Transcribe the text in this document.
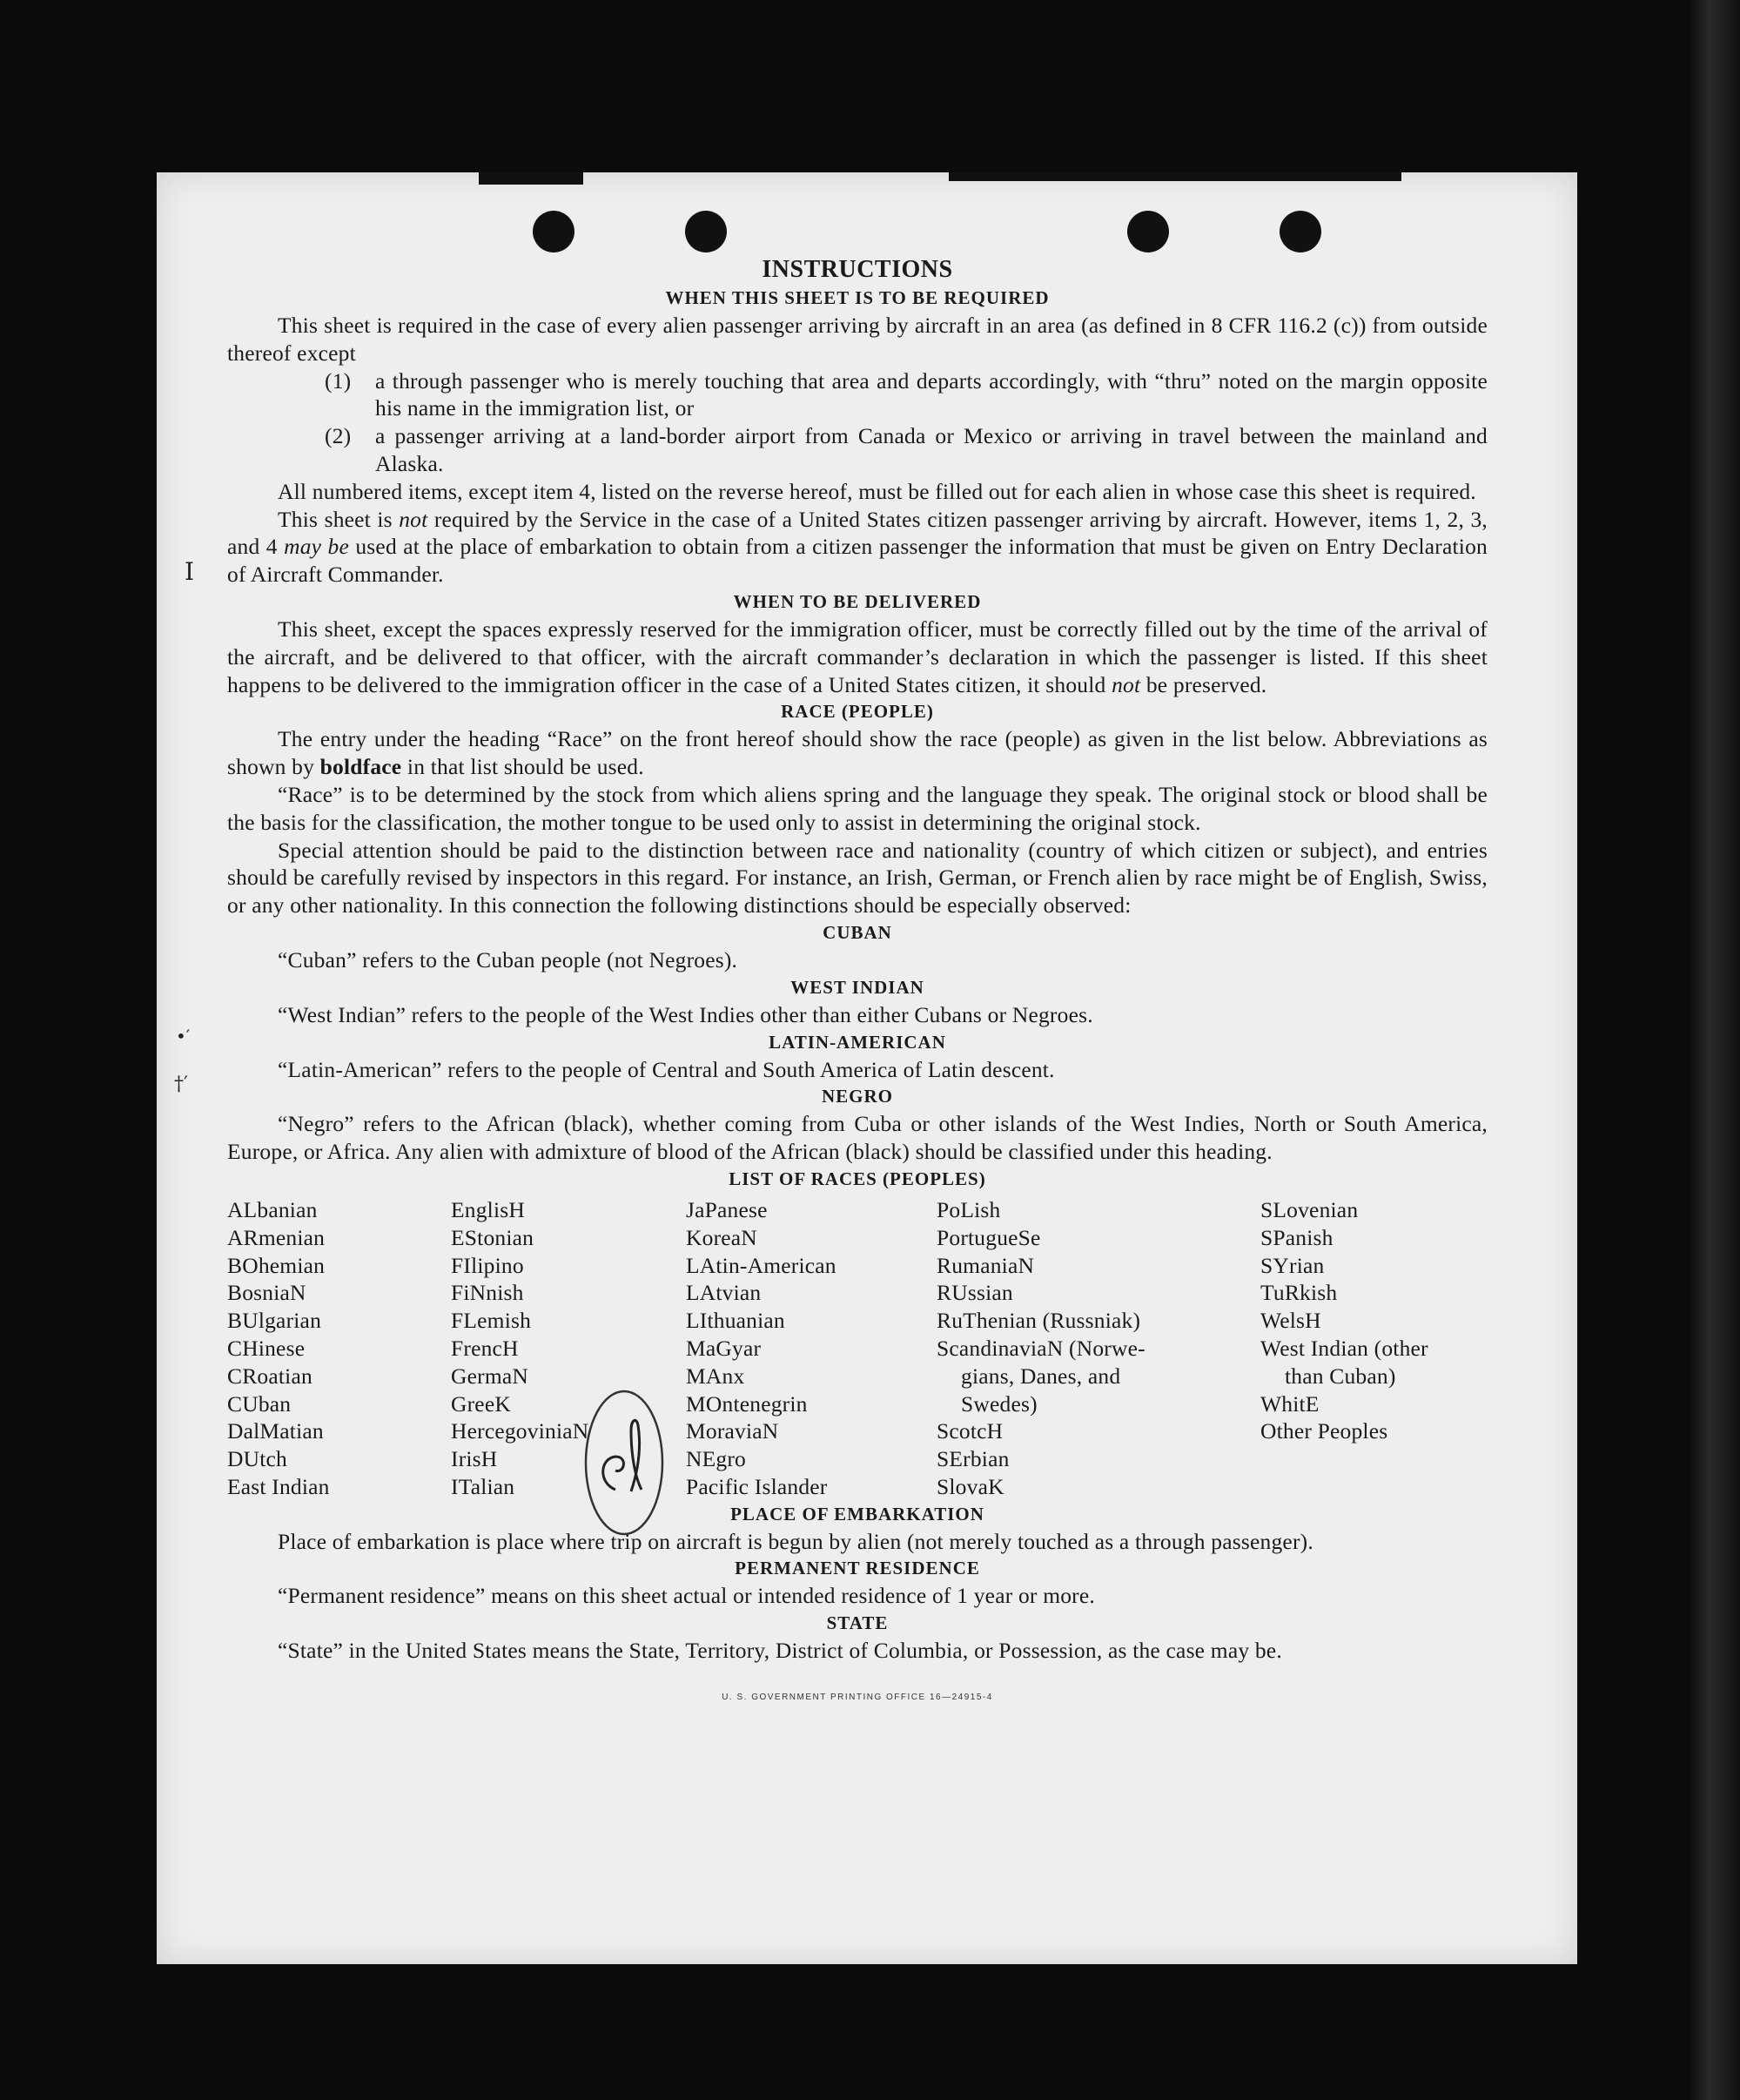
I
•′
†′
INSTRUCTIONS
WHEN THIS SHEET IS TO BE REQUIRED

This sheet is required in the case of every alien passenger arriving by aircraft in an area (as defined in 8 CFR 116.2 (c)) from outside thereof except

(1)	a through passenger who is merely touching that area and departs accordingly, with “thru” noted on the margin opposite his name in the immigration list, or
(2)	a passenger arriving at a land-border airport from Canada or Mexico or arriving in travel between the mainland and Alaska.

All numbered items, except item 4, listed on the reverse hereof, must be filled out for each alien in whose case this sheet is required.

This sheet is not required by the Service in the case of a United States citizen passenger arriving by aircraft. However, items 1, 2, 3, and 4 may be used at the place of embarkation to obtain from a citizen passenger the information that must be given on Entry Declaration of Aircraft Commander.

WHEN TO BE DELIVERED

This sheet, except the spaces expressly reserved for the immigration officer, must be correctly filled out by the time of the arrival of the aircraft, and be delivered to that officer, with the aircraft commander’s declaration in which the passenger is listed. If this sheet happens to be delivered to the immigration officer in the case of a United States citizen, it should not be preserved.

RACE (PEOPLE)

The entry under the heading “Race” on the front hereof should show the race (people) as given in the list below. Abbreviations as shown by boldface in that list should be used.

“Race” is to be determined by the stock from which aliens spring and the language they speak. The original stock or blood shall be the basis for the classification, the mother tongue to be used only to assist in determining the original stock.

Special attention should be paid to the distinction between race and nationality (country of which citizen or subject), and entries should be carefully revised by inspectors in this regard. For instance, an Irish, German, or French alien by race might be of English, Swiss, or any other nationality. In this connection the following distinctions should be especially observed:

CUBAN

“Cuban” refers to the Cuban people (not Negroes).

WEST INDIAN

“West Indian” refers to the people of the West Indies other than either Cubans or Negroes.

LATIN-AMERICAN

“Latin-American” refers to the people of Central and South America of Latin descent.

NEGRO

“Negro” refers to the African (black), whether coming from Cuba or other islands of the West Indies, North or South America, Europe, or Africa. Any alien with admixture of blood of the African (black) should be classified under this heading.

LIST OF RACES (PEOPLES)
ALbanian
ARmenian
BOhemian
BosniaN
BUlgarian
CHinese
CRoatian
CUban
DalMatian
DUtch
East Indian
EnglisH
EStonian
FIlipino
FiNnish
FLemish
FrencH
GermaN
GreeK
HercegoviniaN
IrisH
ITalian
JaPanese
KoreaN
LAtin-American
LAtvian
LIthuanian
MaGyar
MAnx
MOntenegrin
MoraviaN
NEgro
Pacific Islander
PoLish
PortugueSe
RumaniaN
RUssian
RuThenian (Russniak)
ScandinaviaN (Norwe-
gians, Danes, and
Swedes)
ScotcH
SErbian
SlovaK
SLovenian
SPanish
SYrian
TuRkish
WelsH
West Indian (other
than Cuban)
WhitE
Other Peoples
PLACE OF EMBARKATION

Place of embarkation is place where trip on aircraft is begun by alien (not merely touched as a through passenger).

PERMANENT RESIDENCE

“Permanent residence” means on this sheet actual or intended residence of 1 year or more.

STATE

“State” in the United States means the State, Territory, District of Columbia, or Possession, as the case may be.

U. S. GOVERNMENT PRINTING OFFICE 16—24915-4
